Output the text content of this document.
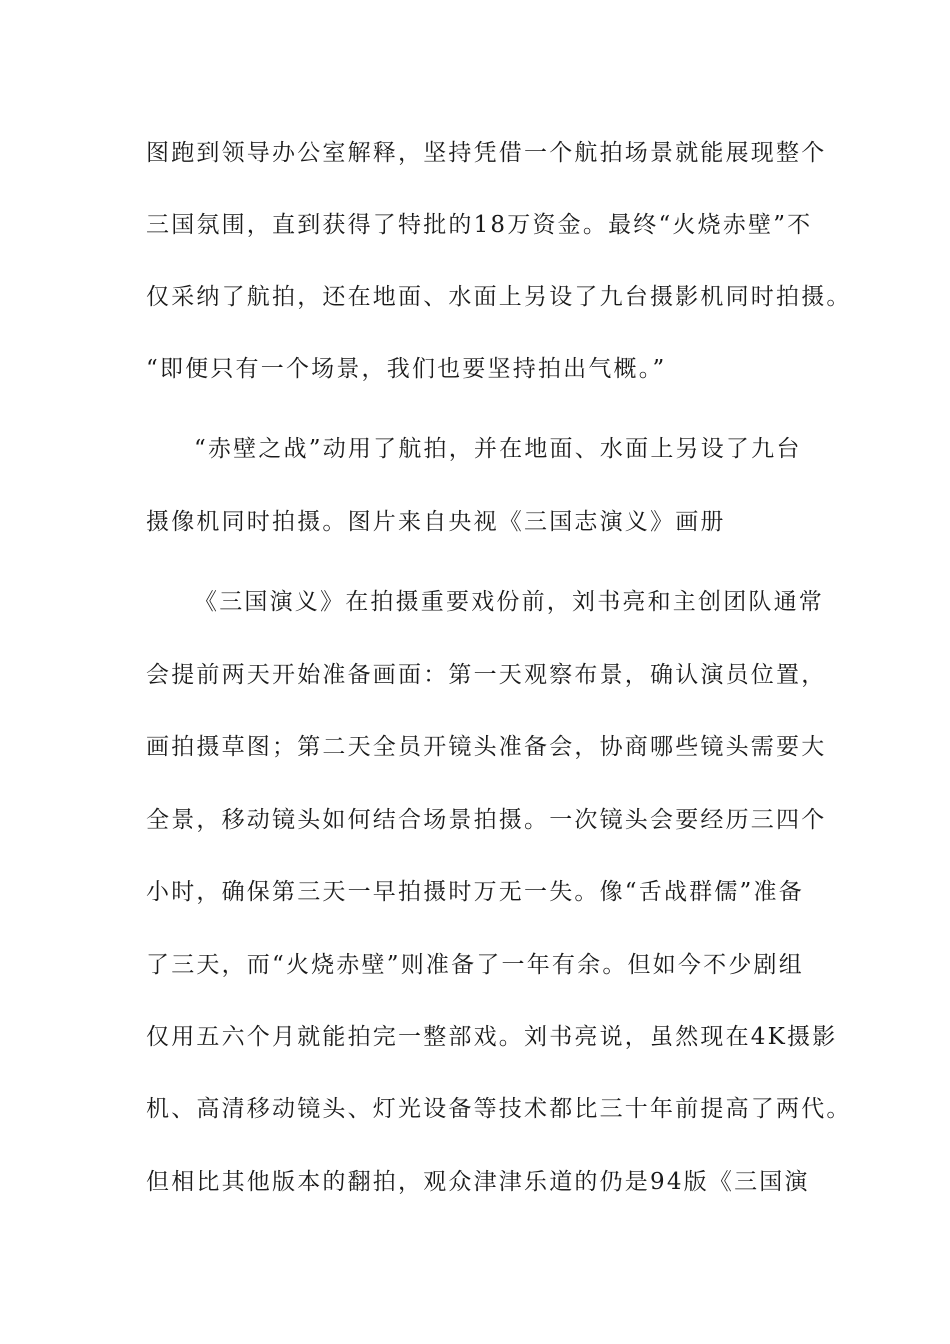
图跑到领导办公室解释，坚持凭借一个航拍场景就能展现整个
三国氛围，直到获得了特批的18万资金。最终“火烧赤壁”不
仅采纳了航拍，还在地面、水面上另设了九台摄影机同时拍摄。
“即便只有一个场景，我们也要坚持拍出气概。”
“赤壁之战”动用了航拍，并在地面、水面上另设了九台
摄像机同时拍摄。图片来自央视《三国志演义》画册
《三国演义》在拍摄重要戏份前，刘书亮和主创团队通常
会提前两天开始准备画面：第一天观察布景，确认演员位置，
画拍摄草图；第二天全员开镜头准备会，协商哪些镜头需要大
全景，移动镜头如何结合场景拍摄。一次镜头会要经历三四个
小时，确保第三天一早拍摄时万无一失。像“舌战群儒”准备
了三天，而“火烧赤壁”则准备了一年有余。但如今不少剧组
仅用五六个月就能拍完一整部戏。刘书亮说，虽然现在4K摄影
机、高清移动镜头、灯光设备等技术都比三十年前提高了两代。
但相比其他版本的翻拍，观众津津乐道的仍是94版《三国演
